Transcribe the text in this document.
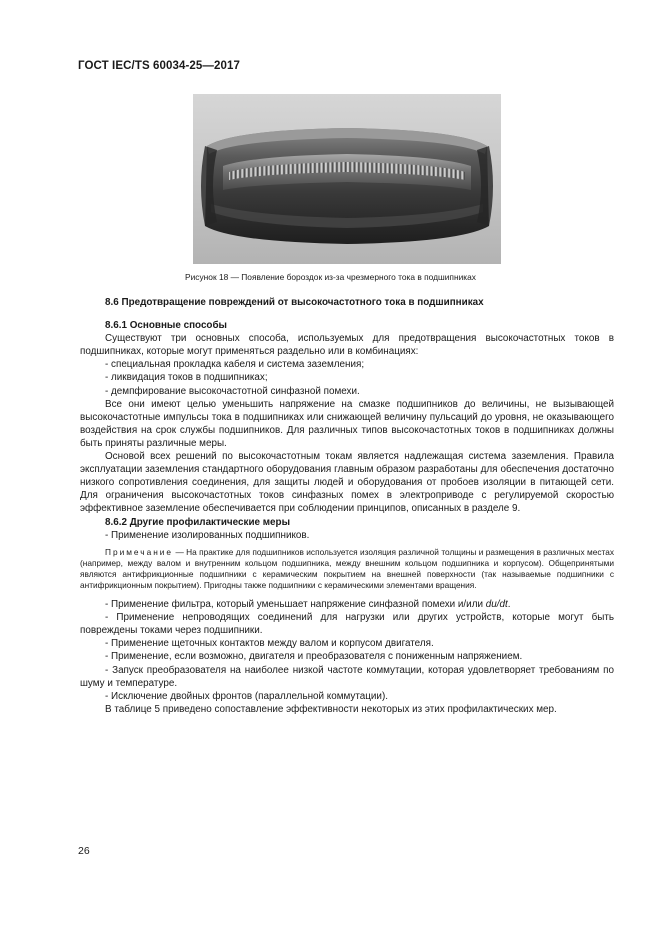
ГОСТ IEC/TS 60034-25—2017
Рисунок 18 — Появление бороздок из-за чрезмерного тока в подшипниках

8.6 Предотвращение повреждений от высокочастотного тока в подшипниках

8.6.1 Основные способы

Существуют три основных способа, используемых для предотвращения высокочастотных токов в подшипниках, которые могут применяться раздельно или в комбинациях:

- специальная прокладка кабеля и система заземления;

- ликвидация токов в подшипниках;

- демпфирование высокочастотной синфазной помехи.

Все они имеют целью уменьшить напряжение на смазке подшипников до величины, не вызывающей высокочастотные импульсы тока в подшипниках или снижающей величину пульсаций до уровня, не оказывающего воздействия на срок службы подшипников. Для различных типов высокочастотных токов в подшипниках должны быть приняты различные меры.

Основой всех решений по высокочастотным токам является надлежащая система заземления. Правила эксплуатации заземления стандартного оборудования главным образом разработаны для обеспечения достаточно низкого сопротивления соединения, для защиты людей и оборудования от пробоев изоляции в питающей сети. Для ограничения высокочастотных токов синфазных помех в электроприводе с регулируемой скоростью эффективное заземление обеспечивается при соблюдении принципов, описанных в разделе 9.

8.6.2 Другие профилактические меры

- Применение изолированных подшипников.

Примечание — На практике для подшипников используется изоляция различной толщины и размещения в различных местах (например, между валом и внутренним кольцом подшипника, между внешним кольцом подшипника и корпусом). Общепринятыми являются антифрикционные подшипники с керамическим покрытием на внешней поверхности (так называемые подшипники с антифрикционным покрытием). Пригодны также подшипники с керамическими элементами вращения.

- Применение фильтра, который уменьшает напряжение синфазной помехи и/или du/dt.

- Применение непроводящих соединений для нагрузки или других устройств, которые могут быть повреждены токами через подшипники.

- Применение щеточных контактов между валом и корпусом двигателя.

- Применение, если возможно, двигателя и преобразователя с пониженным напряжением.

- Запуск преобразователя на наиболее низкой частоте коммутации, которая удовлетворяет требованиям по шуму и температуре.

- Исключение двойных фронтов (параллельной коммутации).

В таблице 5 приведено сопоставление эффективности некоторых из этих профилактических мер.

26
